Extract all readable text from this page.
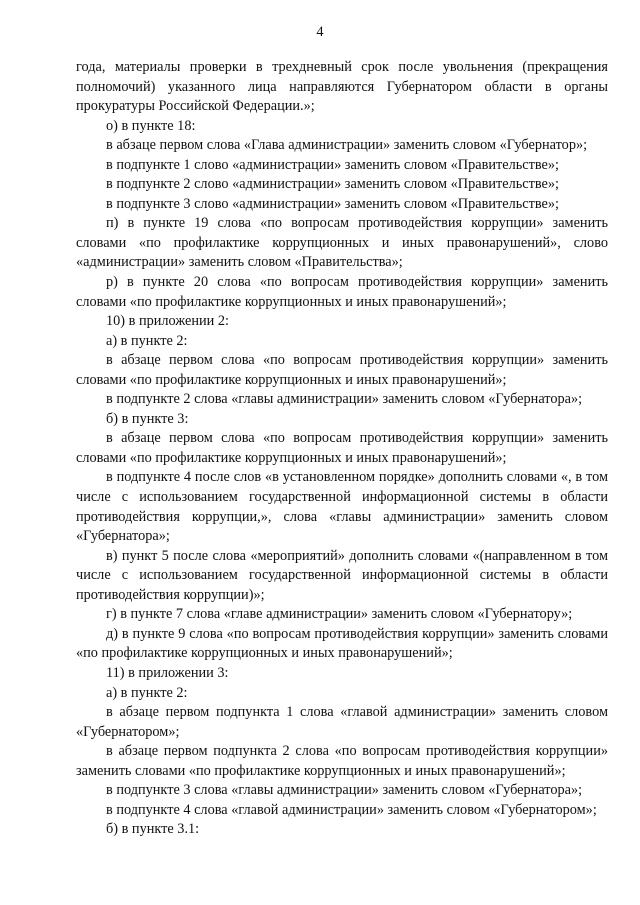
4

года, материалы проверки в трехдневный срок после увольнения (прекращения полномочий) указанного лица направляются Губернатором области в органы прокуратуры Российской Федерации.»;

о) в пункте 18:

в абзаце первом слова «Глава администрации» заменить словом «Губернатор»;

в подпункте 1 слово «администрации» заменить словом «Правительстве»;

в подпункте 2 слово «администрации» заменить словом «Правительстве»;

в подпункте 3 слово «администрации» заменить словом «Правительстве»;

п) в пункте 19 слова «по вопросам противодействия коррупции» заменить словами «по профилактике коррупционных и иных правонарушений», слово «администрации» заменить словом «Правительства»;

р) в пункте 20 слова «по вопросам противодействия коррупции» заменить словами «по профилактике коррупционных и иных правонарушений»;

10) в приложении 2:

а) в пункте 2:

в абзаце первом слова «по вопросам противодействия коррупции» заменить словами «по профилактике коррупционных и иных правонарушений»;

в подпункте 2 слова «главы администрации» заменить словом «Губернатора»;

б) в пункте 3:

в абзаце первом слова «по вопросам противодействия коррупции» заменить словами «по профилактике коррупционных и иных правонарушений»;

в подпункте 4 после слов «в установленном порядке» дополнить словами «, в том числе с использованием государственной информационной системы в области противодействия коррупции,», слова «главы администрации» заменить словом «Губернатора»;

в) пункт 5 после слова «мероприятий» дополнить словами «(направленном в том числе с использованием государственной информационной системы в области противодействия коррупции)»;

г) в пункте 7 слова «главе администрации» заменить словом «Губернатору»;

д) в пункте 9 слова «по вопросам противодействия коррупции» заменить словами «по профилактике коррупционных и иных правонарушений»;

11) в приложении 3:

а) в пункте 2:

в абзаце первом подпункта 1 слова «главой администрации» заменить словом «Губернатором»;

в абзаце первом подпункта 2 слова «по вопросам противодействия коррупции» заменить словами «по профилактике коррупционных и иных правонарушений»;

в подпункте 3 слова «главы администрации» заменить словом «Губернатора»;

в подпункте 4 слова «главой администрации» заменить словом «Губернатором»;

б) в пункте 3.1:
